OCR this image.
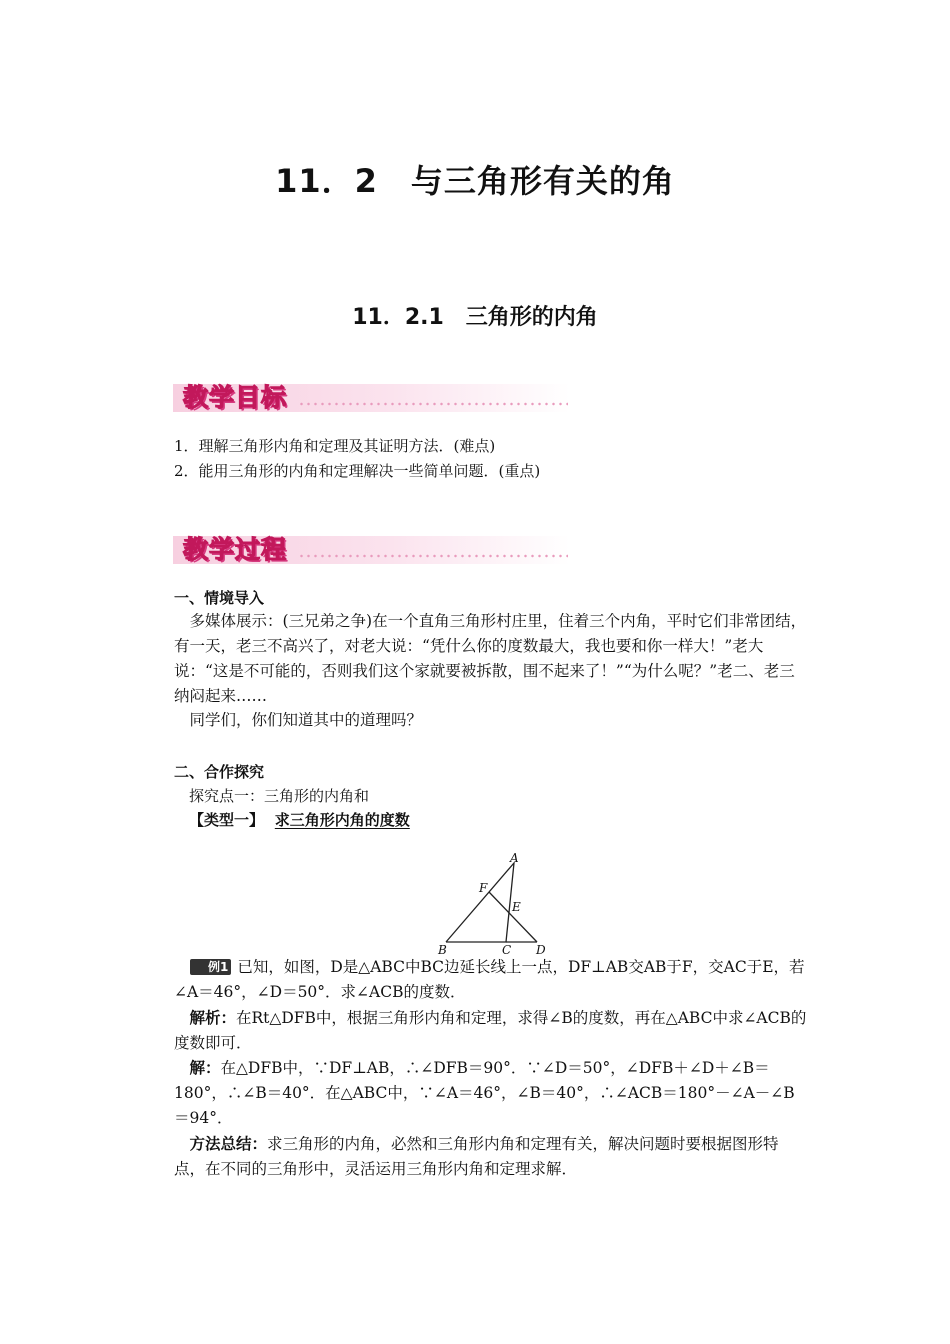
11．2　与三角形有关的角
11．2.1　三角形的内角
教学目标
1．理解三角形内角和定理及其证明方法．(难点)
2．能用三角形的内角和定理解决一些简单问题．(重点)
教学过程
一、情境导入
多媒体展示：(三兄弟之争)在一个直角三角形村庄里，住着三个内角，平时它们非常团结，有一天，老三不高兴了，对老大说：“凭什么你的度数最大，我也要和你一样大！”老大说：“这是不可能的，否则我们这个家就要被拆散，围不起来了！”“为什么呢？”老二、老三纳闷起来……
同学们，你们知道其中的道理吗？
二、合作探究
探究点一：三角形的内角和
【类型一】 求三角形内角的度数
A
B	C D
E
F
例1 已知，如图，D是△ABC中BC边延长线上一点，DF⊥AB交AB于F，交AC于E，若∠A＝46°，∠D＝50°．求∠ACB的度数．
解析：在Rt△DFB中，根据三角形内角和定理，求得∠B的度数，再在△ABC中求∠ACB的度数即可．
解：在△DFB中，∵DF⊥AB，∴∠DFB＝90°．∵∠D＝50°，∠DFB＋∠D＋∠B＝180°，∴∠B＝40°．在△ABC中，∵∠A＝46°，∠B＝40°，∴∠ACB＝180°－∠A－∠B＝94°．
方法总结：求三角形的内角，必然和三角形内角和定理有关，解决问题时要根据图形特点，在不同的三角形中，灵活运用三角形内角和定理求解．
